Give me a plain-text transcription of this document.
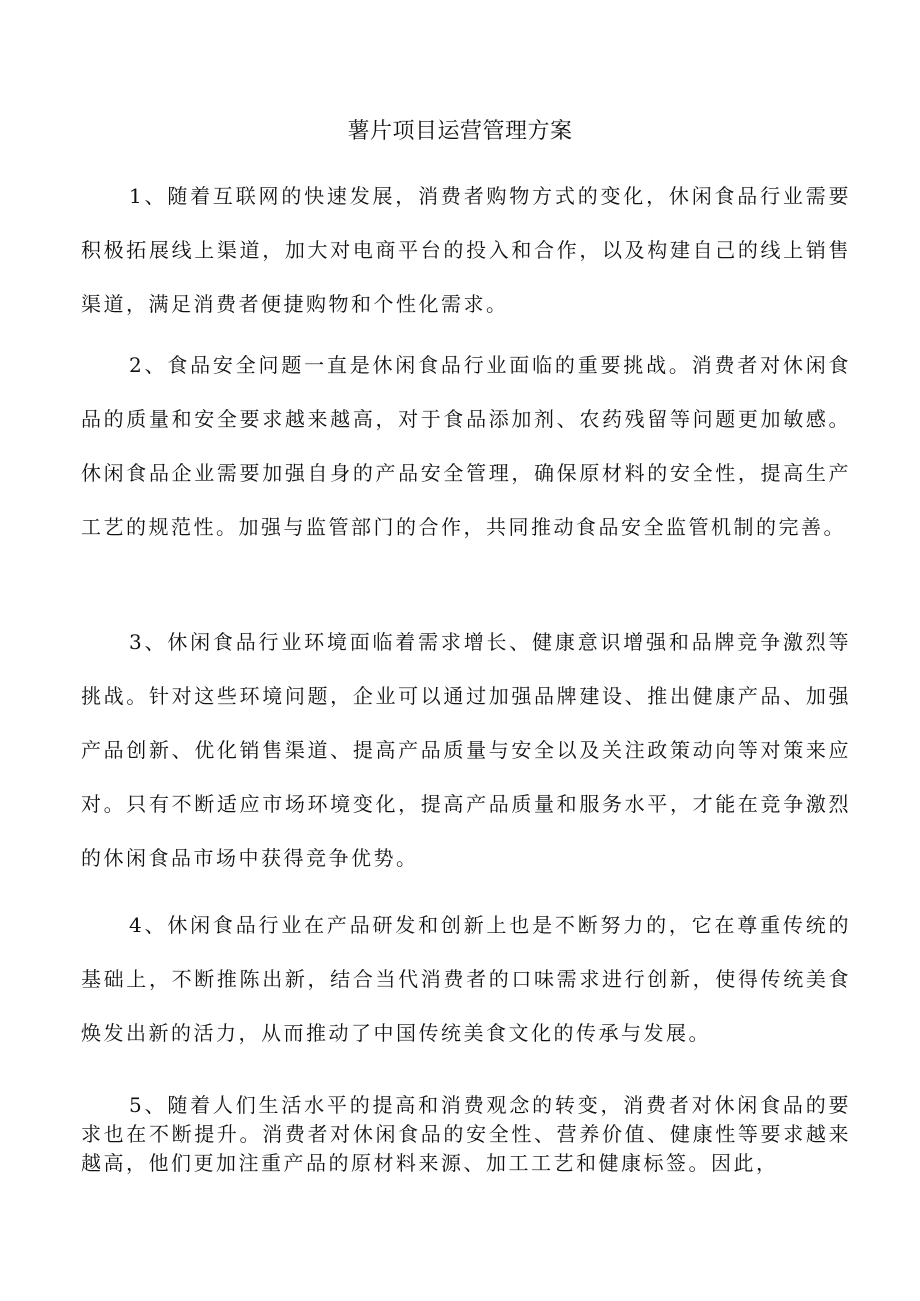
薯片项目运营管理方案

1、随着互联网的快速发展，消费者购物方式的变化，休闲食品行业需要积极拓展线上渠道，加大对电商平台的投入和合作，以及构建自己的线上销售渠道，满足消费者便捷购物和个性化需求。

2、食品安全问题一直是休闲食品行业面临的重要挑战。消费者对休闲食品的质量和安全要求越来越高，对于食品添加剂、农药残留等问题更加敏感。休闲食品企业需要加强自身的产品安全管理，确保原材料的安全性，提高生产工艺的规范性。加强与监管部门的合作，共同推动食品安全监管机制的完善。

3、休闲食品行业环境面临着需求增长、健康意识增强和品牌竞争激烈等挑战。针对这些环境问题，企业可以通过加强品牌建设、推出健康产品、加强产品创新、优化销售渠道、提高产品质量与安全以及关注政策动向等对策来应对。只有不断适应市场环境变化，提高产品质量和服务水平，才能在竞争激烈的休闲食品市场中获得竞争优势。

4、休闲食品行业在产品研发和创新上也是不断努力的，它在尊重传统的基础上，不断推陈出新，结合当代消费者的口味需求进行创新，使得传统美食焕发出新的活力，从而推动了中国传统美食文化的传承与发展。

5、随着人们生活水平的提高和消费观念的转变，消费者对休闲食品的要求也在不断提升。消费者对休闲食品的安全性、营养价值、健康性等要求越来越高，他们更加注重产品的原材料来源、加工工艺和健康标签。因此，
